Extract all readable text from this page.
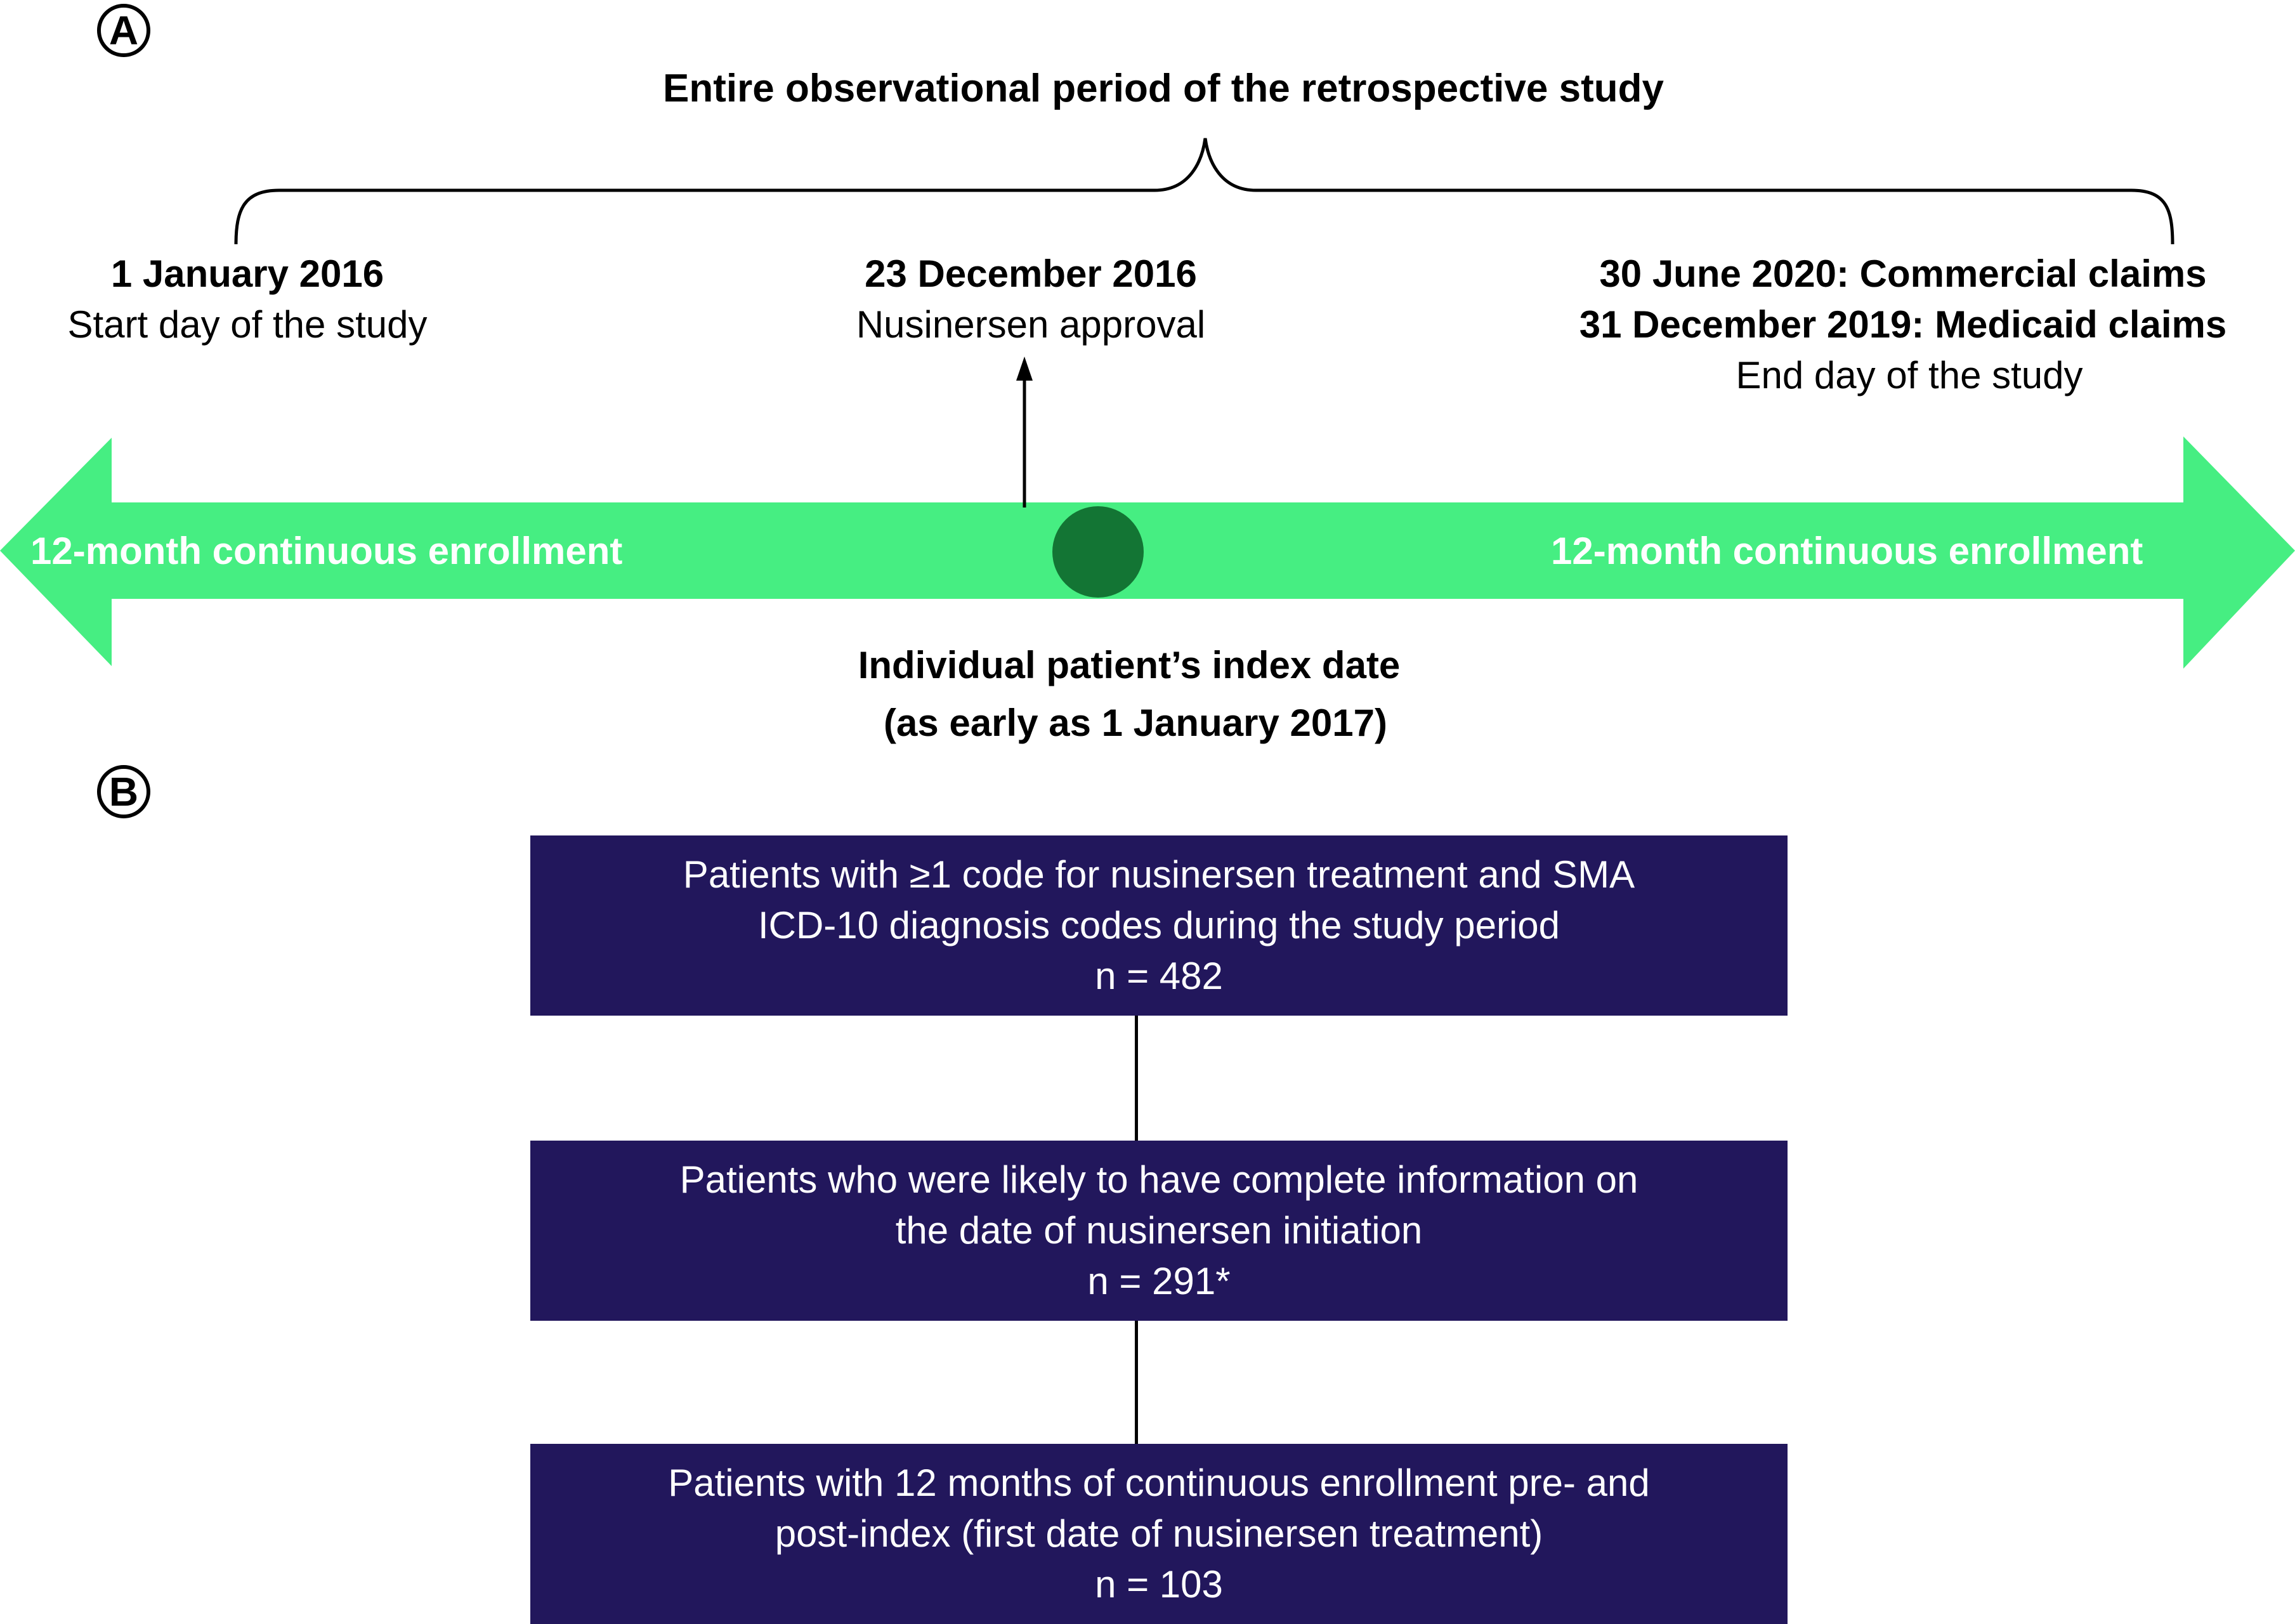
A
Entire observational period of the retrospective study
1 January 2016
Start day of the study
23 December 2016
Nusinersen approval
30 June 2020: Commercial claims
31 December 2019: Medicaid claims
End day of the study
12-month continuous enrollment	12-month continuous enrollment
Individual patient’s index date
(as early as 1 January 2017)
B
Patients with ≥1 code for nusinersen treatment and SMA
ICD-10 diagnosis codes during the study period
n = 482
Patients who were likely to have complete information on
the date of nusinersen initiation
n = 291*
Patients with 12 months of continuous enrollment pre- and
post-index (first date of nusinersen treatment)
n = 103
